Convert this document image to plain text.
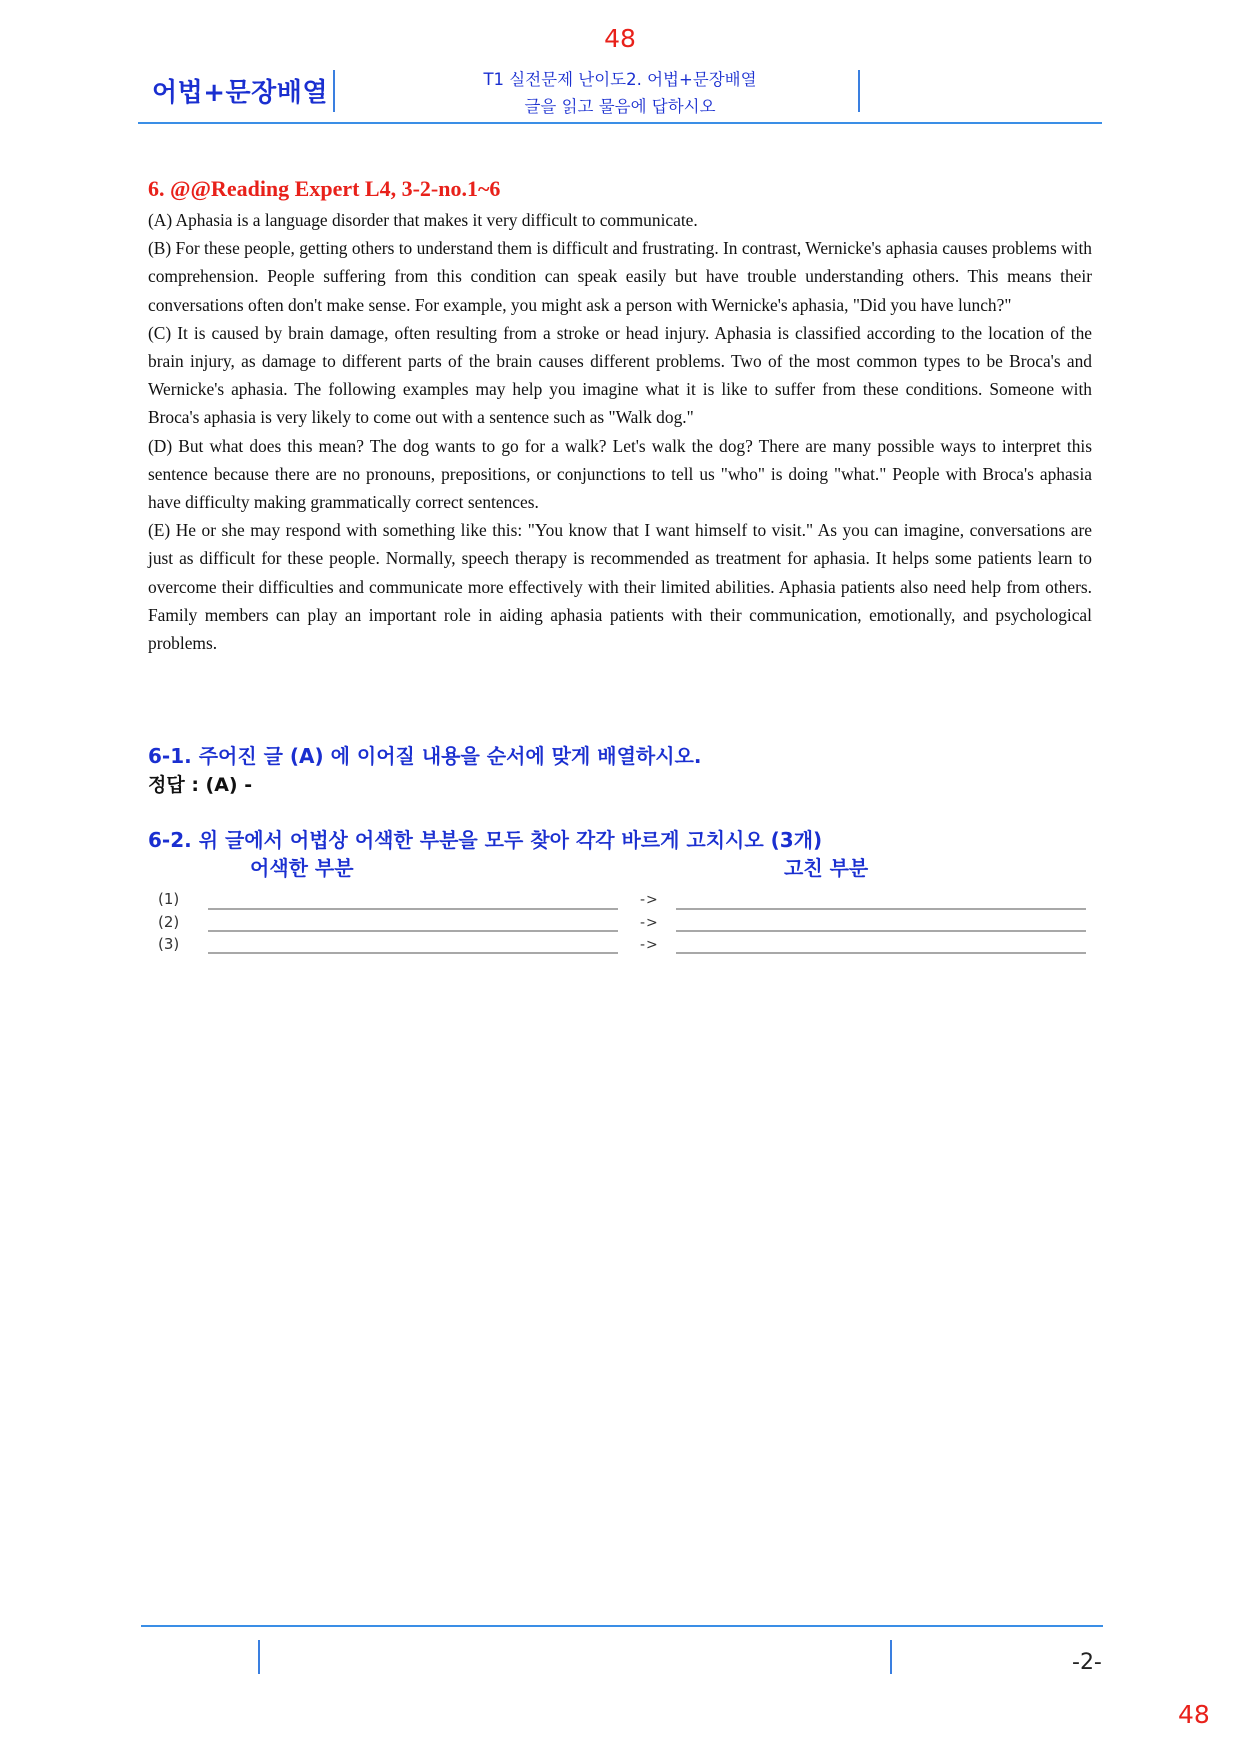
48
어법+문장배열	T1 실전문제 난이도2. 어법+문장배열
글을 읽고 물음에 답하시오
6. @@Reading Expert L4, 3-2-no.1~6

(A) Aphasia is a language disorder that makes it very difficult to communicate.

(B) For these people, getting others to understand them is difficult and frustrating. In contrast, Wernicke's aphasia causes problems with comprehension. People suffering from this condition can speak easily but have trouble understanding others. This means their conversations often don't make sense. For example, you might ask a person with Wernicke's aphasia, "Did you have lunch?"

(C) It is caused by brain damage, often resulting from a stroke or head injury. Aphasia is classified according to the location of the brain injury, as damage to different parts of the brain causes different problems. Two of the most common types to be Broca's and Wernicke's aphasia. The following examples may help you imagine what it is like to suffer from these conditions. Someone with Broca's aphasia is very likely to come out with a sentence such as "Walk dog."

(D) But what does this mean? The dog wants to go for a walk? Let's walk the dog? There are many possible ways to interpret this sentence because there are no pronouns, prepositions, or conjunctions to tell us "who" is doing "what." People with Broca's aphasia have difficulty making grammatically correct sentences.

(E) He or she may respond with something like this: "You know that I want himself to visit." As you can imagine, conversations are just as difficult for these people. Normally, speech therapy is recommended as treatment for aphasia. It helps some patients learn to overcome their difficulties and communicate more effectively with their limited abilities. Aphasia patients also need help from others. Family members can play an important role in aiding aphasia patients with their communication, emotionally, and psychological problems.

6-1. 주어진 글 (A) 에 이어질 내용을 순서에 맞게 배열하시오.
정답 : (A) -
6-2. 위 글에서 어법상 어색한 부분을 모두 찾아 각각 바르게 고치시오 (3개)
어색한 부분	고친 부분
(1)	->
(2)	->
(3)	->
-2-
48
